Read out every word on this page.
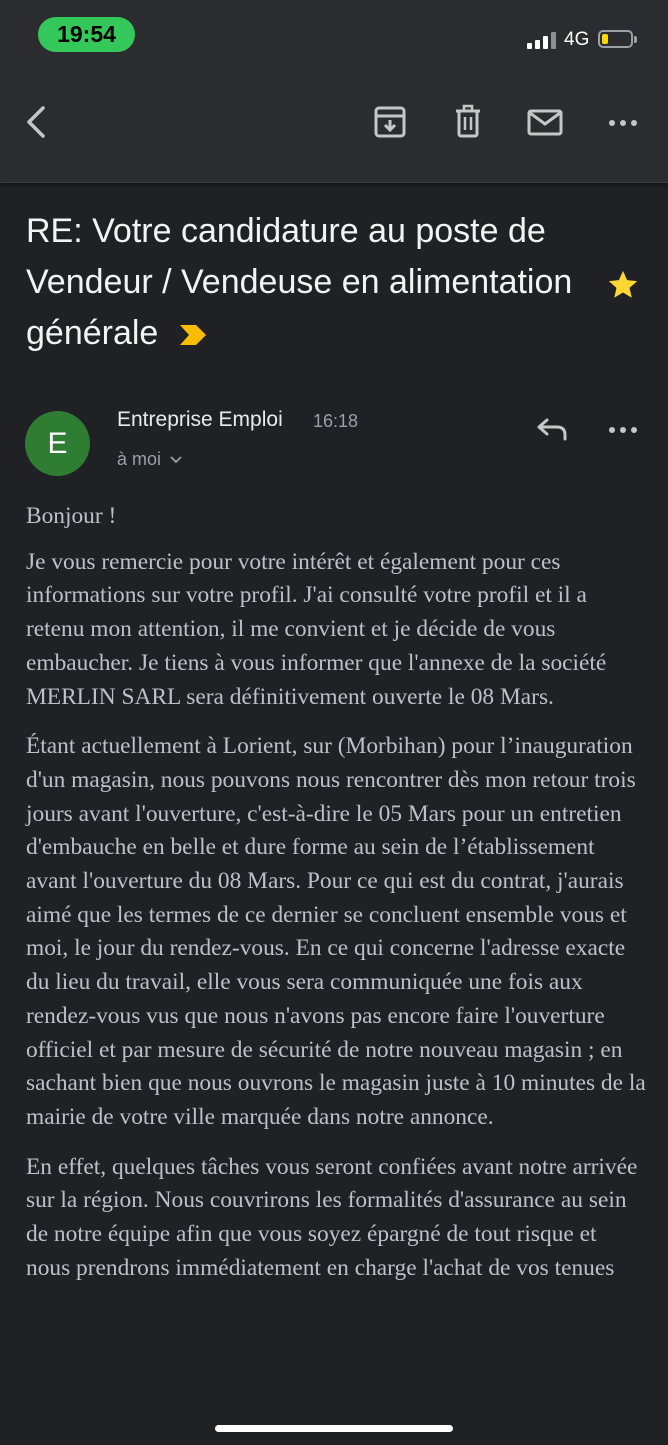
19:54	4G
RE: Votre candidature au poste de Vendeur / Vendeuse en alimentation générale
E
Entreprise Emploi 16:18
à moi

Bonjour !

Je vous remercie pour votre intérêt et également pour ces informations sur votre profil. J'ai consulté votre profil et il a retenu mon attention, il me convient et je décide de vous embaucher. Je tiens à vous informer que l'annexe de la société MERLIN SARL sera définitivement ouverte le 08 Mars.

Étant actuellement à Lorient, sur (Morbihan) pour l’inauguration d'un magasin, nous pouvons nous rencontrer dès mon retour trois jours avant l'ouverture, c'est-à-dire le 05 Mars pour un entretien d'embauche en belle et dure forme au sein de l’établissement avant l'ouverture du 08 Mars. Pour ce qui est du contrat, j'aurais aimé que les termes de ce dernier se concluent ensemble vous et moi, le jour du rendez-vous. En ce qui concerne l'adresse exacte du lieu du travail, elle vous sera communiquée une fois aux rendez-vous vus que nous n'avons pas encore faire l'ouverture officiel et par mesure de sécurité de notre nouveau magasin ; en sachant bien que nous ouvrons le magasin juste à 10 minutes de la mairie de votre ville marquée dans notre annonce.

En effet, quelques tâches vous seront confiées avant notre arrivée sur la région. Nous couvrirons les formalités d'assurance au sein de notre équipe afin que vous soyez épargné de tout risque et nous prendrons immédiatement en charge l'achat de vos tenues
